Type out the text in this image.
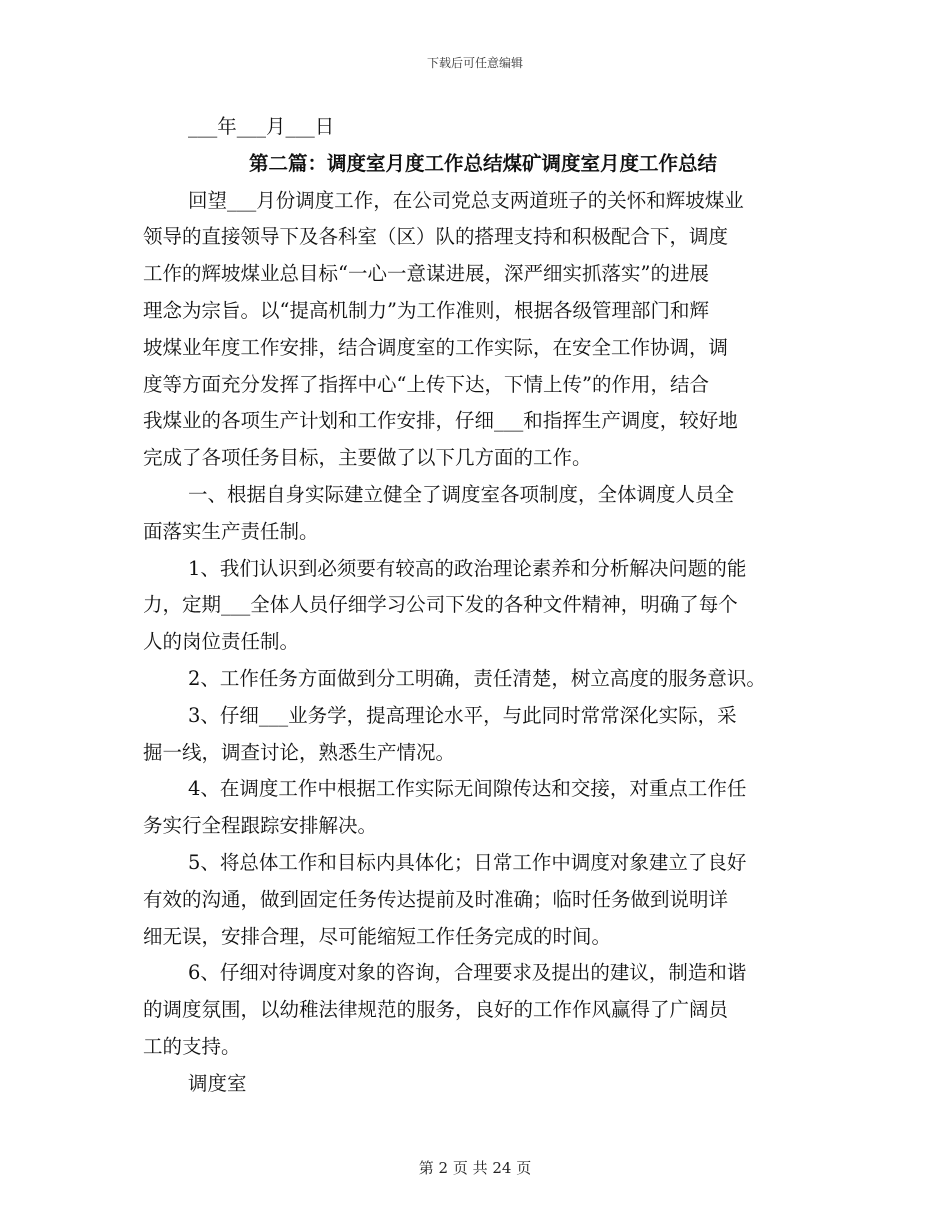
下载后可任意编辑
___年___月___日
第二篇：调度室月度工作总结煤矿调度室月度工作总结
回望___月份调度工作，在公司党总支两道班子的关怀和辉坡煤业
领导的直接领导下及各科室（区）队的搭理支持和积极配合下，调度
工作的辉坡煤业总目标“一心一意谋进展，深严细实抓落实”的进展
理念为宗旨。以“提高机制力”为工作准则，根据各级管理部门和辉
坡煤业年度工作安排，结合调度室的工作实际，在安全工作协调，调
度等方面充分发挥了指挥中心“上传下达，下情上传”的作用，结合
我煤业的各项生产计划和工作安排，仔细___和指挥生产调度，较好地
完成了各项任务目标，主要做了以下几方面的工作。
一、根据自身实际建立健全了调度室各项制度，全体调度人员全
面落实生产责任制。
1、我们认识到必须要有较高的政治理论素养和分析解决问题的能
力，定期___全体人员仔细学习公司下发的各种文件精神，明确了每个
人的岗位责任制。
2、工作任务方面做到分工明确，责任清楚，树立高度的服务意识。
3、仔细___业务学，提高理论水平，与此同时常常深化实际，采
掘一线，调查讨论，熟悉生产情况。
4、在调度工作中根据工作实际无间隙传达和交接，对重点工作任
务实行全程跟踪安排解决。
5、将总体工作和目标内具体化；日常工作中调度对象建立了良好
有效的沟通，做到固定任务传达提前及时准确；临时任务做到说明详
细无误，安排合理，尽可能缩短工作任务完成的时间。
6、仔细对待调度对象的咨询，合理要求及提出的建议，制造和谐
的调度氛围，以幼稚法律规范的服务，良好的工作作风赢得了广阔员
工的支持。
调度室
第 2 页 共 24 页
